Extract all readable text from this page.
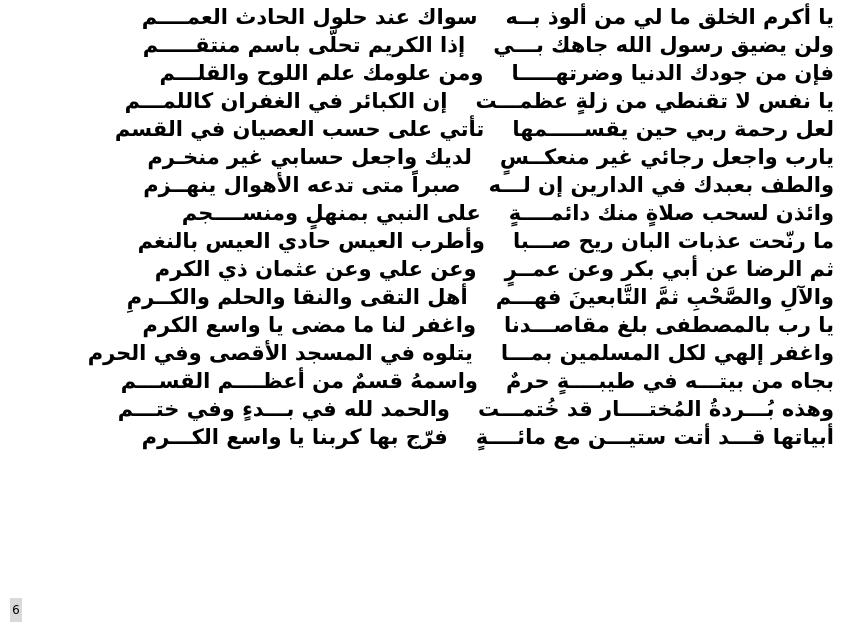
يا أكرم الخلق ما لي من ألوذ بــهسواك عند حلول الحادث العمــــم
ولن يضيق رسول الله جاهك بـــيإذا الكريم تحلّى باسم منتقـــــم
فإن من جودك الدنيا وضرتهـــــاومن علومك علم اللوح والقلـــم
يا نفس لا تقنطي من زلةٍ عظمـــتإن الكبائر في الغفران كاللمـــم
لعل رحمة ربي حين يقســـــمهاتأتي على حسب العصيان في القسم
يارب واجعل رجائي غير منعكــسٍلديك واجعل حسابي غير منخـرم
والطف بعبدك في الدارين إن لـــهصبراً متى تدعه الأهوال ينهــزم
وائذن لسحب صلاةٍ منك دائمــــةٍعلى النبي بمنهلٍ ومنســــجم
ما رنّحت عذبات البان ريح صـــباوأطرب العيس حادي العيس بالنغم
ثم الرضا عن أبي بكر وعن عمــرٍوعن علي وعن عثمان ذي الكرم
والآلِ والصَّحْبِ ثمَّ التَّابعينَ فهـــمأهل التقى والنقا والحلم والكــرمِ
يا رب بالمصطفى بلغ مقاصـــدناواغفر لنا ما مضى يا واسع الكرم
واغفر إلهي لكل المسلمين بمـــايتلوه في المسجد الأقصى وفي الحرم
بجاه من بيتـــه في طيبــــةٍ حرمٌواسمهُ قسمٌ من أعظــــم القســـم
وهذه بُـــردةُ المُختــــار قد خُتمـــتوالحمد لله في بـــدءٍ وفي ختـــم
أبياتها قـــد أتت ستيـــن مع مائــــةٍفرّج بها كربنا يا واسع الكـــرم
6
